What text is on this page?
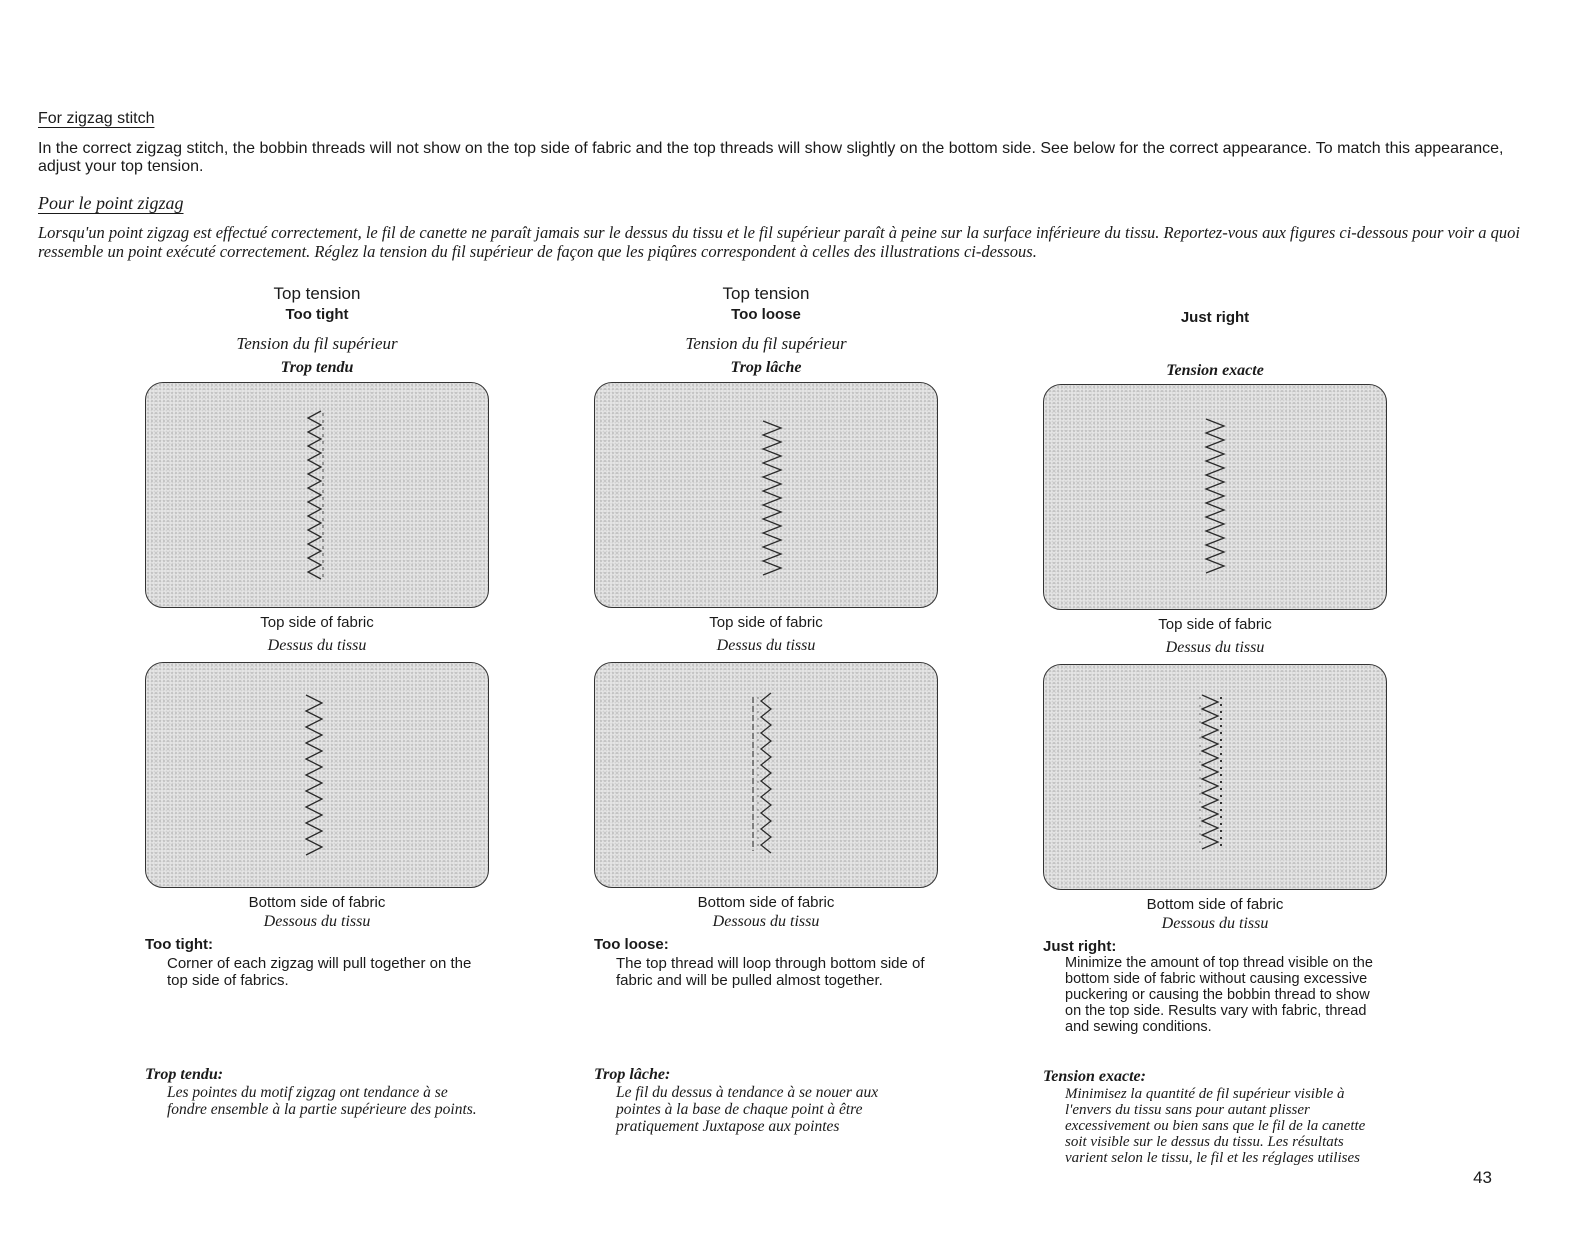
For zigzag stitch
In the correct zigzag stitch, the bobbin threads will not show on the top side of fabric and the top threads will show slightly on the bottom side. See below for the correct appearance. To match this appearance, adjust your top tension.
Pour le point zigzag
Lorsqu'un point zigzag est effectué correctement, le fil de canette ne paraît jamais sur le dessus du tissu et le fil supérieur paraît à peine sur la surface inférieure du tissu. Reportez-vous aux figures ci-dessous pour voir a quoi ressemble un point exécuté correctement. Réglez la tension du fil supérieur de façon que les piqûres correspondent à celles des illustrations ci-dessous.
Top tension
Too tight
Tension du fil supérieur
Trop tendu
Top side of fabric
Dessus du tissu
Bottom side of fabric
Dessous du tissu
Too tight:
Corner of each zigzag will pull together on the top side of fabrics.
Trop tendu:
Les pointes du motif zigzag ont tendance à se fondre ensemble à la partie supérieure des points.
Top tension
Too loose
Tension du fil supérieur
Trop lâche
Top side of fabric
Dessus du tissu
Bottom side of fabric
Dessous du tissu
Too loose:
The top thread will loop through bottom side of fabric and will be pulled almost together.
Trop lâche:
Le fil du dessus à tendance à se nouer aux pointes à la base de chaque point à être pratiquement Juxtapose aux pointes
Just right
Tension exacte
Top side of fabric
Dessus du tissu
Bottom side of fabric
Dessous du tissu
Just right:
Minimize the amount of top thread visible on the bottom side of fabric without causing excessive puckering or causing the bobbin thread to show on the top side. Results vary with fabric, thread and sewing conditions.
Tension exacte:
Minimisez la quantité de fil supérieur visible à l'envers du tissu sans pour autant plisser excessivement ou bien sans que le fil de la canette soit visible sur le dessus du tissu. Les résultats varient selon le tissu, le fil et les réglages utilises
43
